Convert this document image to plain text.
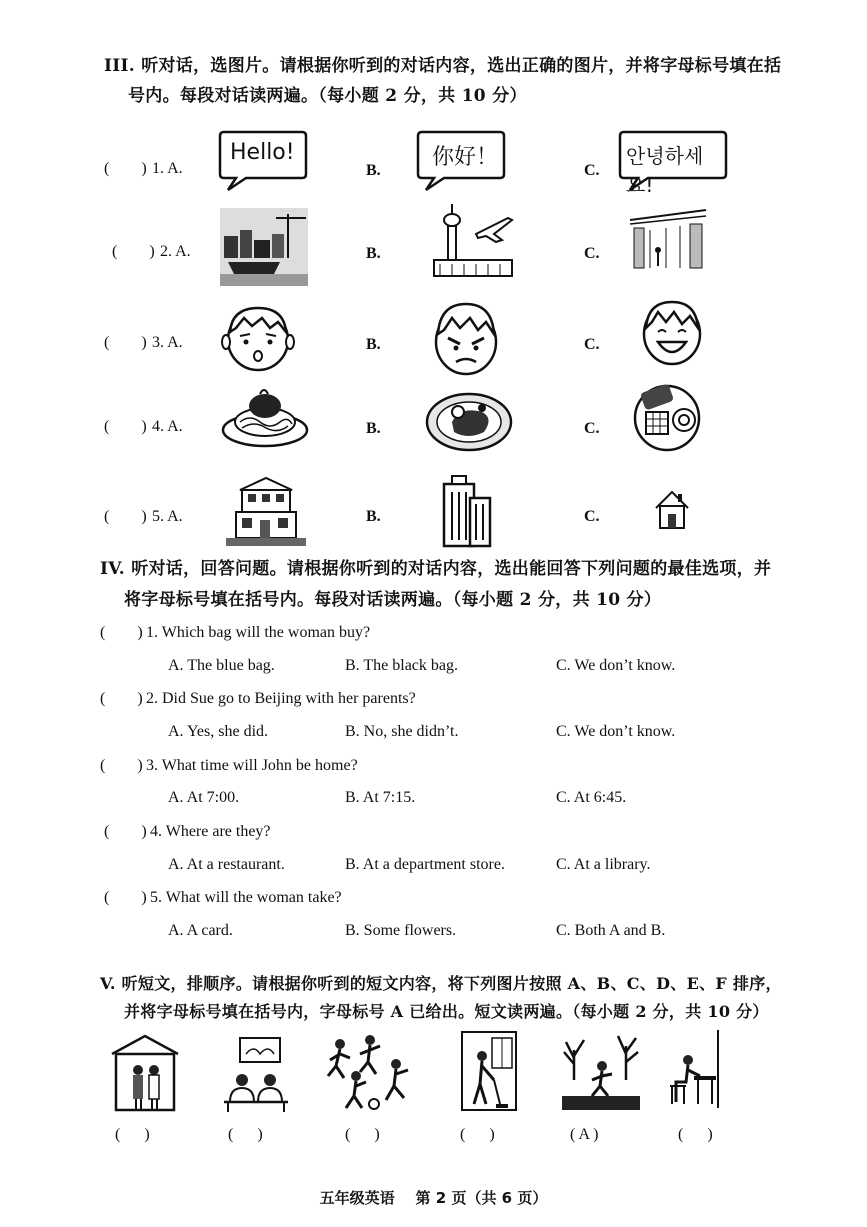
III. 听对话，选图片。请根据你听到的对话内容，选出正确的图片，并将字母标号填在括
号内。每段对话读两遍。（每小题 2 分，共 10 分）
(        ) 1. A.
Hello!
B.
你好！
C.
안녕하세요!
(        ) 2. A.	B.	C.
(        ) 3. A.	B.	C.
(        ) 4. A.	B.	C.
(        ) 5. A.	B.	C.
IV. 听对话，回答问题。请根据你听到的对话内容，选出能回答下列问题的最佳选项，并
将字母标号填在括号内。每段对话读两遍。（每小题 2 分，共 10 分）
(        ) 1. Which bag will the woman buy?
A. The blue bag.	B. The black bag.	C. We don’t know.
(        ) 2. Did Sue go to Beijing with her parents?
A. Yes, she did.	B. No, she didn’t.	C. We don’t know.
(        ) 3. What time will John be home?
A. At 7:00.	B. At 7:15.	C. At 6:45.
(        ) 4. Where are they?
A. At a restaurant.	B. At a department store.	C. At a library.
(        ) 5. What will the woman take?
A. A card.	B. Some flowers.	C. Both A and B.
V. 听短文，排顺序。请根据你听到的短文内容，将下列图片按照 A、B、C、D、E、F 排序，
并将字母标号填在括号内，字母标号 A 已给出。短文读两遍。（每小题 2 分，共 10 分）
(      )	(      )	(      )	(      )	( A )	(      )
五年级英语    第 2 页（共 6 页）
